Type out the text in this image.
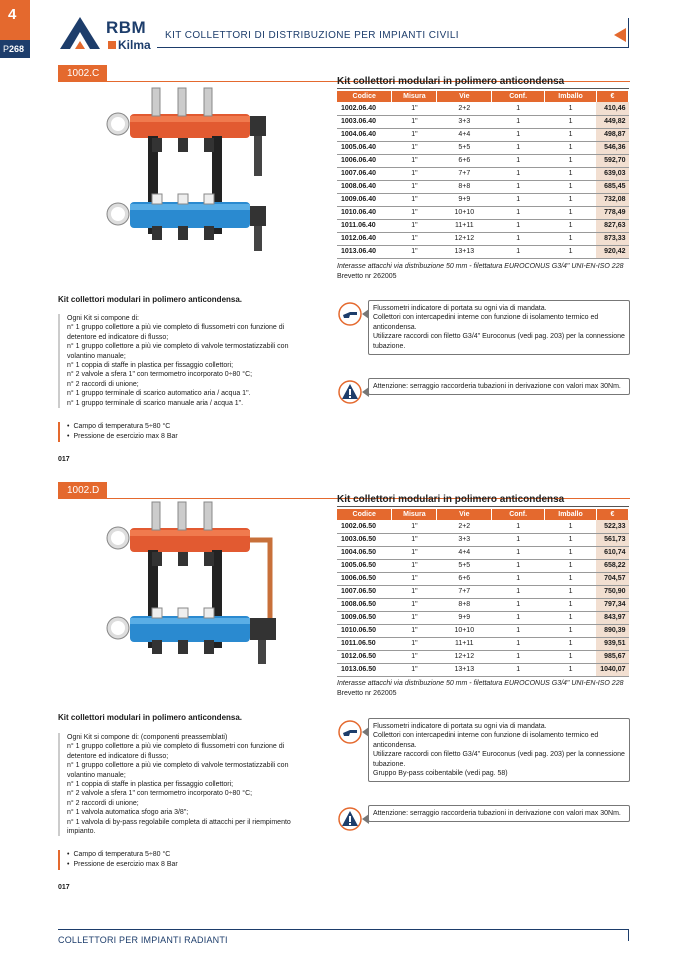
4
P268
RBM
Kilma
KIT COLLETTORI DI DISTRIBUZIONE PER IMPIANTI CIVILI
1002.C
Kit collettori modulari in polimero anticondensa
Codice	Misura	Vie	Conf.	Imballo	€
1002.06.40	1"	2+2	1	1	410,46
1003.06.40	1"	3+3	1	1	449,82
1004.06.40	1"	4+4	1	1	498,87
1005.06.40	1"	5+5	1	1	546,36
1006.06.40	1"	6+6	1	1	592,70
1007.06.40	1"	7+7	1	1	639,03
1008.06.40	1"	8+8	1	1	685,45
1009.06.40	1"	9+9	1	1	732,08
1010.06.40	1"	10+10	1	1	778,49
1011.06.40	1"	11+11	1	1	827,63
1012.06.40	1"	12+12	1	1	873,33
1013.06.40	1"	13+13	1	1	920,42
Interasse attacchi via distribuzione 50 mm - filettatura EUROCONUS G3/4" UNI-EN-ISO 228
Brevetto nr 262005
Kit collettori modulari in polimero anticondensa.

Ogni Kit si compone di:

n° 1 gruppo collettore a più vie completo di flussometri con funzione di detentore ed indicatore di flusso;

n° 1 gruppo collettore a più vie completo di valvole termostatizzabili con volantino manuale;

n° 1 coppia di staffe in plastica per fissaggio collettori;

n° 2 valvole a sfera 1" con termometro incorporato 0÷80 °C;

n° 2 raccordi di unione;

n° 1 gruppo terminale di scarico automatico aria / acqua 1".

n° 1 gruppo terminale di scarico manuale aria / acqua 1".

• Campo di temperatura 5÷80 °C
• Pressione de esercizio max 8 Bar
Flussometri indicatore di portata su ogni via di mandata.
Collettori con intercapedini interne con funzione di isolamento termico ed anticondensa.
Utilizzare raccordi con filetto G3/4" Euroconus (vedi pag. 203) per la connessione tubazione.
Attenzione: serraggio raccorderia tubazioni in derivazione con valori max 30Nm.
017
1002.D
Kit collettori modulari in polimero anticondensa
Codice	Misura	Vie	Conf.	Imballo	€
1002.06.50	1"	2+2	1	1	522,33
1003.06.50	1"	3+3	1	1	561,73
1004.06.50	1"	4+4	1	1	610,74
1005.06.50	1"	5+5	1	1	658,22
1006.06.50	1"	6+6	1	1	704,57
1007.06.50	1"	7+7	1	1	750,90
1008.06.50	1"	8+8	1	1	797,34
1009.06.50	1"	9+9	1	1	843,97
1010.06.50	1"	10+10	1	1	890,39
1011.06.50	1"	11+11	1	1	939,51
1012.06.50	1"	12+12	1	1	985,67
1013.06.50	1"	13+13	1	1	1040,07
Interasse attacchi via distribuzione 50 mm - filettatura EUROCONUS G3/4" UNI-EN-ISO 228
Brevetto nr 262005
Kit collettori modulari in polimero anticondensa.

Ogni Kit si compone di: (componenti preassemblati)

n° 1 gruppo collettore a più vie completo di flussometri con funzione di detentore ed indicatore di flusso;

n° 1 gruppo collettore a più vie completo di valvole termostatizzabili con volantino manuale;

n° 1 coppia di staffe in plastica per fissaggio collettori;

n° 2 valvole a sfera 1" con termometro incorporato 0÷80 °C;

n° 2 raccordi di unione;

n° 1 valvola automatica sfogo aria 3/8";

n° 1 valvola di by-pass regolabile completa di attacchi per il riempimento impianto.

• Campo di temperatura 5÷80 °C
• Pressione de esercizio max 8 Bar
Flussometri indicatore di portata su ogni via di mandata.
Collettori con intercapedini interne con funzione di isolamento termico ed anticondensa.
Utilizzare raccordi con filetto G3/4" Euroconus (vedi pag. 203) per la connessione tubazione.
Gruppo By-pass coibentabile (vedi pag. 58)
Attenzione: serraggio raccorderia tubazioni in derivazione con valori max 30Nm.
017
COLLETTORI PER IMPIANTI RADIANTI
